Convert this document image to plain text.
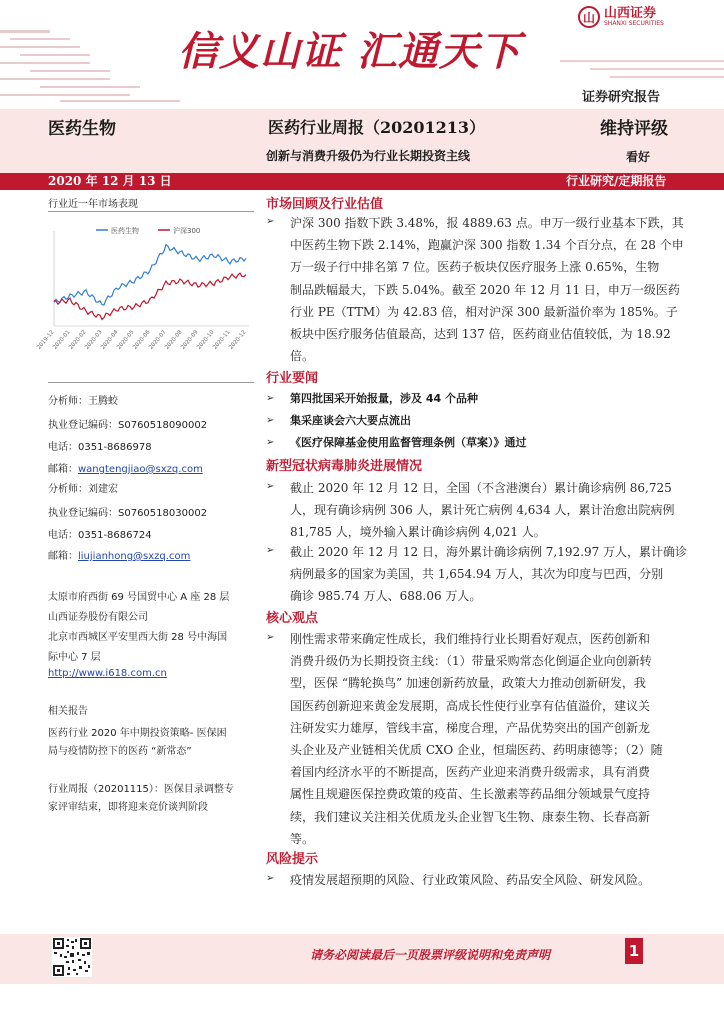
山 山西证券
SHANXI SECURITIES
信义山证 汇通天下
证券研究报告
医药生物	医药行业周报（20201213）
创新与消费升级仍为行业长期投资主线
维持评级
看好
2020 年 12 月 13 日	行业研究/定期报告
行业近一年市场表现
医药生物	沪深300
2019-12
2020-01
2020-02
2020-03
2020-04
2020-05
2020-06
2020-07
2020-08
2020-09
2020-10
2020-11
2020-12
分析师：王腾蛟
执业登记编码：S0760518090002
电话：0351-8686978
邮箱：wangtengjiao@sxzq.com
分析师：刘建宏
执业登记编码：S0760518030002
电话：0351-8686724
邮箱：liujianhong@sxzq.com
太原市府西街 69 号国贸中心 A 座 28 层
山西证券股份有限公司
北京市西城区平安里西大街 28 号中海国
际中心 7 层
http://www.i618.com.cn
相关报告
医药行业 2020 年中期投资策略- 医保困
局与疫情防控下的医药 “新常态”
行业周报（20201115）：医保目录调整专
家评审结束，即将迎来竞价谈判阶段
市场回顾及行业估值
➢ 沪深 300 指数下跌 3.48%，报 4889.63 点。申万一级行业基本下跌，其
中医药生物下跌 2.14%，跑赢沪深 300 指数 1.34 个百分点，在 28 个申
万一级子行中排名第 7 位。医药子板块仅医疗服务上涨 0.65%，生物
制品跌幅最大，下跌 5.04%。截至 2020 年 12 月 11 日，申万一级医药
行业 PE（TTM）为 42.83 倍，相对沪深 300 最新溢价率为 185%。子
板块中医疗服务估值最高，达到 137 倍，医药商业估值较低，为 18.92
倍。
行业要闻
➢ 第四批国采开始报量，涉及 44 个品种
➢ 集采座谈会六大要点流出
➢ 《医疗保障基金使用监督管理条例（草案）》通过
新型冠状病毒肺炎进展情况
➢ 截止 2020 年 12 月 12 日，全国（不含港澳台）累计确诊病例 86,725
人，现有确诊病例 306 人，累计死亡病例 4,634 人，累计治愈出院病例
81,785 人，境外输入累计确诊病例 4,021 人。
➢ 截止 2020 年 12 月 12 日，海外累计确诊病例 7,192.97 万人，累计确诊
病例最多的国家为美国，共 1,654.94 万人，其次为印度与巴西，分别
确诊 985.74 万人、688.06 万人。
核心观点
➢ 刚性需求带来确定性成长，我们维持行业长期看好观点，医药创新和
消费升级仍为长期投资主线：（1）带量采购常态化倒逼企业向创新转
型，医保 “腾轮换鸟” 加速创新药放量，政策大力推动创新研发，我
国医药创新迎来黄金发展期，高成长性使行业享有估值溢价，建议关
注研发实力雄厚，管线丰富，梯度合理，产品优势突出的国产创新龙
头企业及产业链相关优质 CXO 企业，恒瑞医药、药明康德等；（2）随
着国内经济水平的不断提高，医药产业迎来消费升级需求，具有消费
属性且规避医保控费政策的疫苗、生长激素等药品细分领域景气度持
续，我们建议关注相关优质龙头企业智飞生物、康泰生物、长春高新
等。
风险提示
➢ 疫情发展超预期的风险、行业政策风险、药品安全风险、研发风险。
请务必阅读最后一页股票评级说明和免责声明	1
